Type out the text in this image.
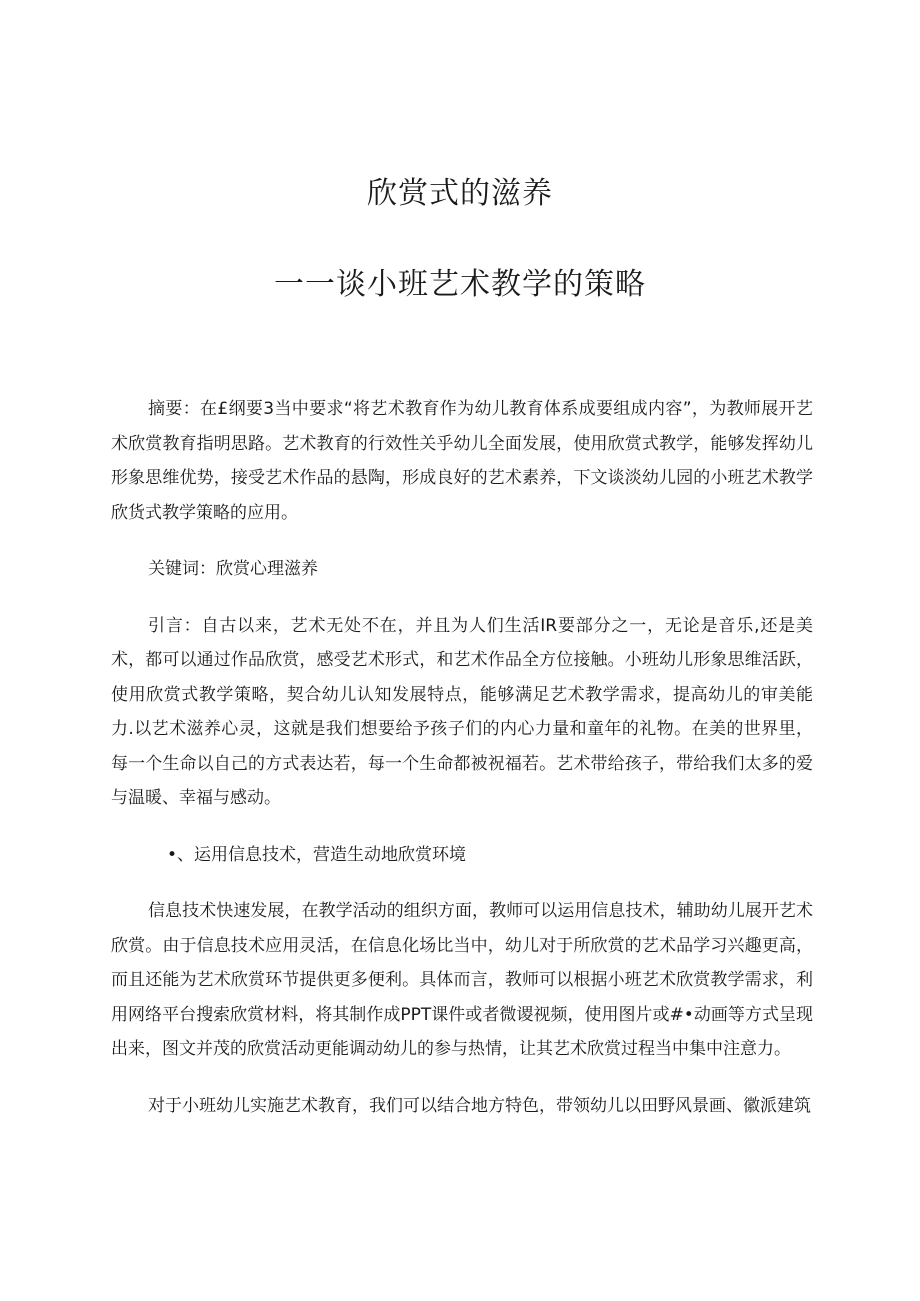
欣赏式的滋养
一一谈小班艺术教学的策略

摘要：在£纲要3当中要求“将艺术教育作为幼儿教育体系成要组成内容”，为教师展开艺术欣赏教育指明思路。艺术教育的行效性关乎幼儿全面发展，使用欣赏式教学，能够发挥幼儿形象思维优势，接受艺术作品的悬陶，形成良好的艺术素养，下文谈淡幼儿园的小班艺术教学欣货式教学策略的应用。

关键词：欣赏心理滋养

引言：自古以来，艺术无处不在，并且为人们生活IR要部分之一，无论是音乐,还是美术，都可以通过作品欣赏，感受艺术形式，和艺术作品全方位接触。小班幼儿形象思维活跃，使用欣赏式教学策略，契合幼儿认知发展特点，能够满足艺术教学需求，提高幼儿的审美能力.以艺术滋养心灵，这就是我们想要给予孩子们的内心力量和童年的礼物。在美的世界里，每一个生命以自己的方式表达若，每一个生命都被祝福若。艺术带给孩子，带给我们太多的爱与温暖、幸福与感动。

•、运用信息技术，营造生动地欣赏环境

信息技术快速发展，在教学活动的组织方面，教师可以运用信息技术，辅助幼儿展开艺术欣赏。由于信息技术应用灵活，在信息化场比当中，幼儿对于所欣赏的艺术品学习兴趣更高，而且还能为艺术欣赏环节提供更多便利。具体而言，教师可以根据小班艺术欣赏教学需求，利用网络平台搜索欣赏材料，将其制作成PPT课件或者微谡视频，使用图片或#•动画等方式呈现出来，图文并茂的欣赏活动更能调动幼儿的参与热情，让其艺术欣赏过程当中集中注意力。

对于小班幼儿实施艺术教育，我们可以结合地方特色，带领幼儿以田野风景画、徽派建筑
